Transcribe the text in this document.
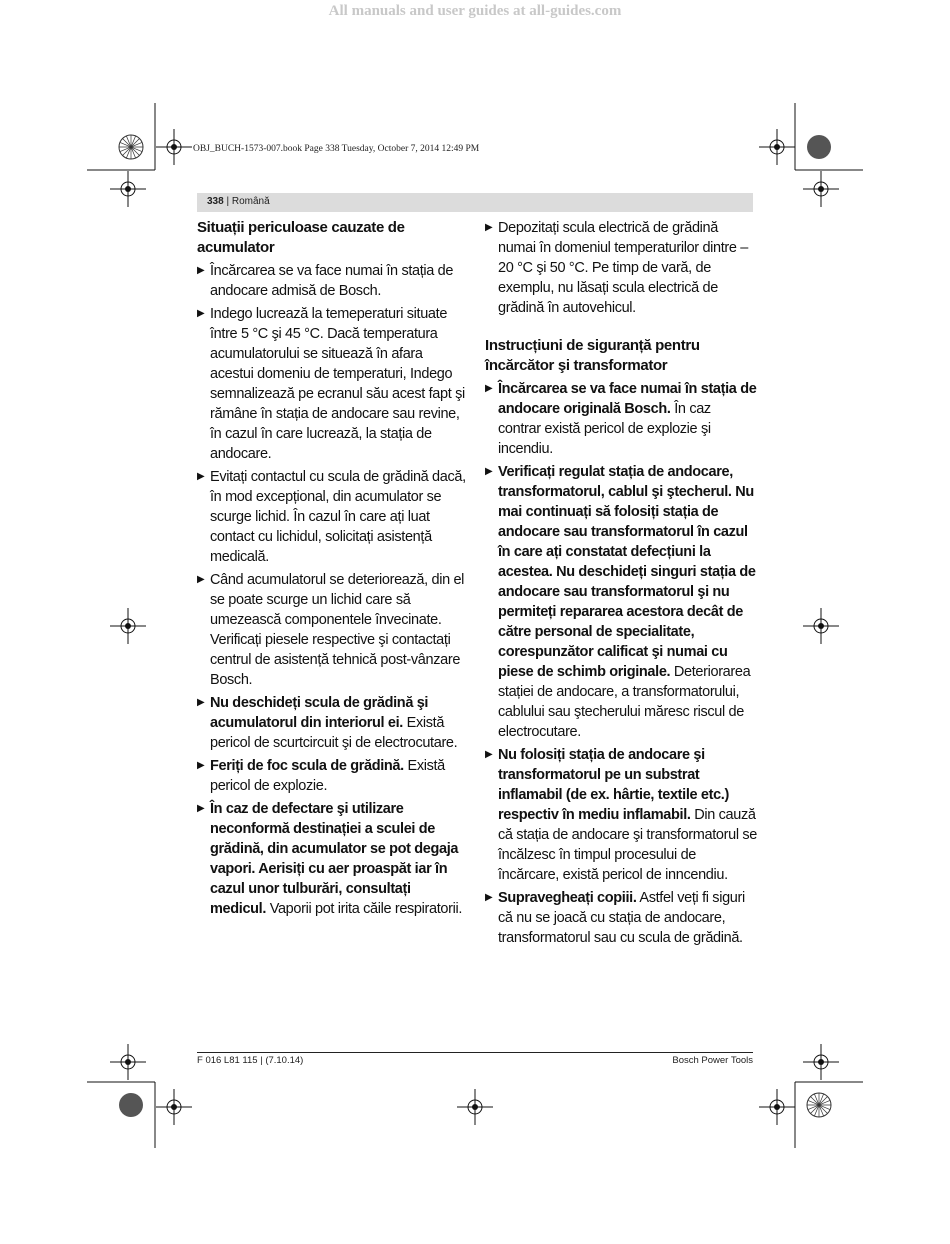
All manuals and user guides at all-guides.com
OBJ_BUCH-1573-007.book Page 338 Tuesday, October 7, 2014 12:49 PM
338 | Română
Situații periculoase cauzate de acumulator
▶ Încărcarea se va face numai în stația de andocare admisă de Bosch.
▶ Indego lucrează la temeperaturi situate între 5 °C şi 45 °C. Dacă temperatura acumulatorului se situează în afara acestui domeniu de temperaturi, Indego semnalizează pe ecranul său acest fapt şi rămâne în stația de andocare sau revine, în cazul în care lucrează, la stația de andocare.
▶ Evitați contactul cu scula de grădină dacă, în mod excepțional, din acumulator se scurge lichid. În cazul în care ați luat contact cu lichidul, solicitați asistență medicală.
▶ Când acumulatorul se deteriorează, din el se poate scurge un lichid care să umezească componentele învecinate. Verificați piesele respective şi contactați centrul de asistență tehnică post-vânzare Bosch.
▶ Nu deschideți scula de grădină şi acumulatorul din interiorul ei. Există pericol de scurtcircuit şi de electrocutare.
▶ Feriți de foc scula de grădină. Există pericol de explozie.
▶ În caz de defectare şi utilizare neconformă destinației a sculei de grădină, din acumulator se pot degaja vapori. Aerisiți cu aer proaspăt iar în cazul unor tulburări, consultați medicul. Vaporii pot irita căile respiratorii.
▶ Depozitați scula electrică de grădină numai în domeniul temperaturilor dintre – 20 °C şi 50 °C. Pe timp de vară, de exemplu, nu lăsați scula electrică de grădină în autovehicul.
Instrucțiuni de siguranță pentru încărcător şi transformator
▶ Încărcarea se va face numai în stația de andocare originală Bosch. În caz contrar există pericol de explozie şi incendiu.
▶ Verificați regulat stația de andocare, transformatorul, cablul şi ştecherul. Nu mai continuați să folosiți stația de andocare sau transformatorul în cazul în care ați constatat defecțiuni la acestea. Nu deschideți singuri stația de andocare sau transformatorul şi nu permiteți repararea acestora decât de către personal de specialitate, corespunzător calificat şi numai cu piese de schimb originale. Deteriorarea stației de andocare, a transformatorului, cablului sau ştecherului măresc riscul de electrocutare.
▶ Nu folosiți stația de andocare şi transformatorul pe un substrat inflamabil (de ex. hârtie, textile etc.) respectiv în mediu inflamabil. Din cauză că stația de andocare şi transformatorul se încălzesc în timpul procesului de încărcare, există pericol de inncendiu.
▶ Supravegheați copiii. Astfel veți fi siguri că nu se joacă cu stația de andocare, transformatorul sau cu scula de grădină.
F 016 L81 115 | (7.10.14)	Bosch Power Tools
